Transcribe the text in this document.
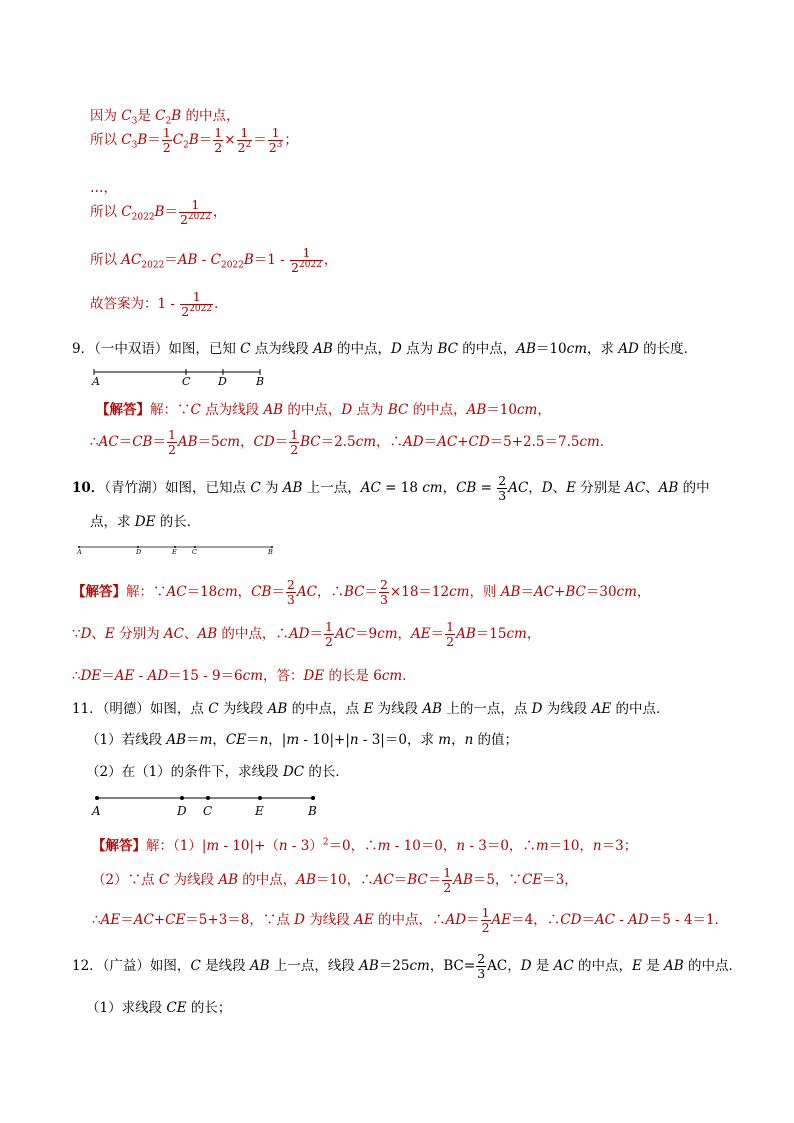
因为 $C_3$是 $C_2B$ 的中点，
所以 $C_3B= \frac{1}{2} C_2B= \frac{1}{2} \times \frac{1}{2^2} = \frac{1}{2^3}$ ；
…，
所以 $C_{2022}B= \frac{1}{2^{2022}}$ ，
所以 $AC_{2022}=AB - C_{2022}B=1 - \frac{1}{2^{2022}}$ ，
故答案为：$1 - \frac{1}{2^{2022}}$ ．
9．（一中双语）如图，已知 C 点为线段 AB 的中点，D 点为 BC 的中点，AB＝10cm，求 AD 的长度．
A	C	D	B
【解答】解：∵C 点为线段 AB 的中点，D 点为 BC 的中点，AB＝10cm，
∴AC＝CB＝ $\frac{1}{2} AB=5cm$，$CD= \frac{1}{2} BC=2.5cm$，∴AD＝AC+CD＝5+2.5＝7.5cm．
10．（青竹湖）如图，已知点 C 为 AB 上一点，AC = 18 cm，CB = $\frac{2}{3}$ AC，D、E 分别是 AC、AB 的中
点，求 DE 的长．
A	D	E C	B
【解答】解：∵AC＝18cm，$CB= \frac{2}{3}$ AC，∴BC＝ $\frac{2}{3} \times 18=12cm$，则 AB＝AC+BC＝30cm，
∵D、E 分别为 AC、AB 的中点，∴AD＝ $\frac{1}{2} AC=9cm$，$AE= \frac{1}{2} AB=15cm$，
∴DE＝AE - AD＝15 - 9＝6cm，答：DE 的长是 6cm．
11．（明德）如图，点 C 为线段 AB 的中点，点 E 为线段 AB 上的一点，点 D 为线段 AE 的中点．
（1）若线段 AB＝m，CE＝n，|m - 10|+|n - 3|＝0，求 m，n 的值；
（2）在（1）的条件下，求线段 DC 的长．
A	D C	E	B
【解答】解：（1）|m - 10|+（n - 3）$^2$＝0，∴m - 10＝0，n - 3＝0，∴m＝10，n＝3；
（2）∵点 C 为线段 AB 的中点，AB＝10，∴AC＝BC＝ $\frac{1}{2} AB=5$，∵CE＝3，
∴AE＝AC+CE＝5+3＝8，∵点 D 为线段 AE 的中点，∴AD＝ $\frac{1}{2} AE=4$，∴CD＝AC - AD＝5 - 4＝1．
12．（广益）如图，C 是线段 AB 上一点，线段 AB＝25cm，$BC= \frac{2}{3}$ AC，D 是 AC 的中点，E 是 AB 的中点．
（1）求线段 CE 的长；
